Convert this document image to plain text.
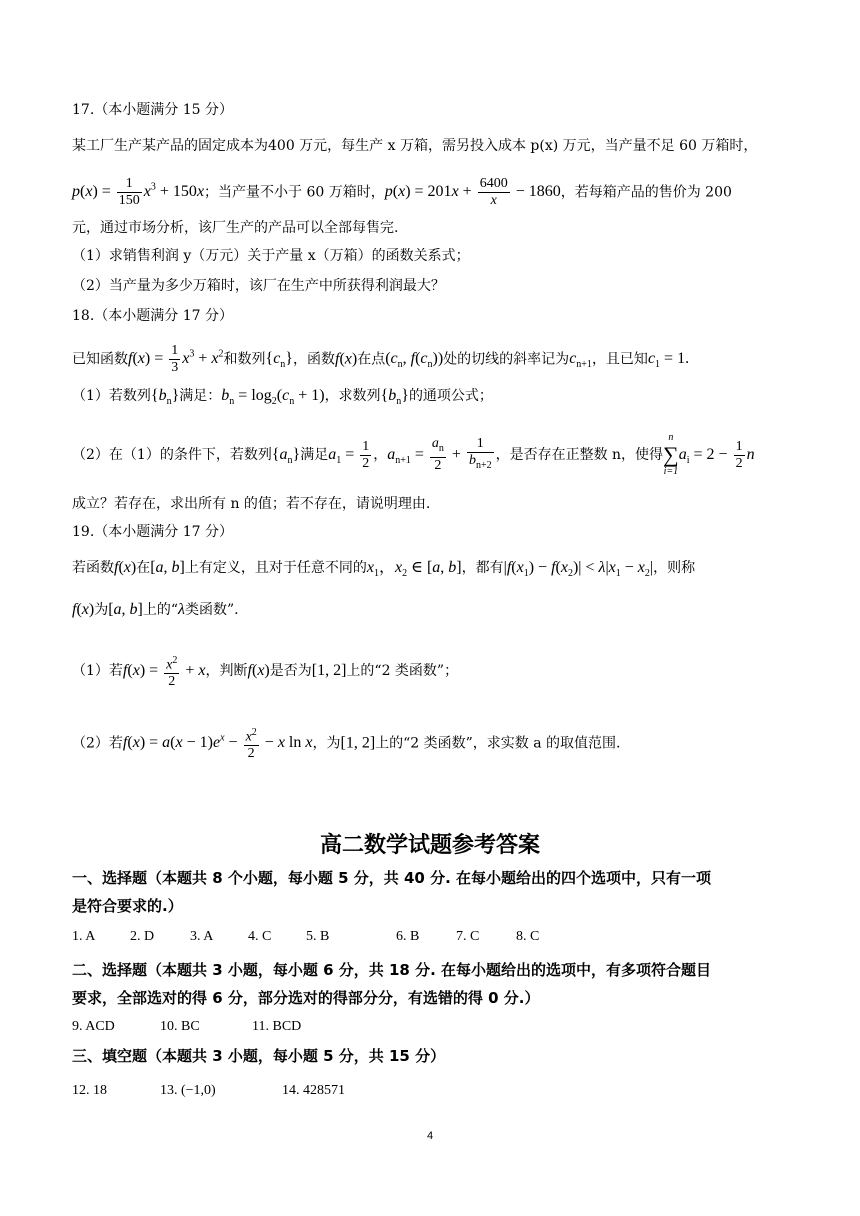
17.（本小题满分 15 分）
某工厂生产某产品的固定成本为400 万元，每生产 x 万箱，需另投入成本 p(x) 万元，当产量不足 60 万箱时，
$p(x) = \frac{1}{150} x^3 + 150x$；当产量不小于 60 万箱时，$p(x) = 201x + \frac{6400}{x} - 1860$，若每箱产品的售价为 200
元，通过市场分析，该厂生产的产品可以全部每售完.
（1）求销售利润 y（万元）关于产量 x（万箱）的函数关系式；
（2）当产量为多少万箱时，该厂在生产中所获得利润最大？
18.（本小题满分 17 分）
已知函数$f(x) = \frac{1}{3} x^3 + x^2$和数列$\{c_n\}$，函数f(x)在点($c_n$, $f(c_n)$)处的切线的斜率记为$c_{n+1}$，且已知$c_1 = 1$.
（1）若数列$\{b_n\}$满足：$b_n = \log_2(c_n + 1)$，求数列$\{b_n\}$的通项公式；
（2）在（1）的条件下，若数列$\{a_n\}$满足$a_1 = \frac{1}{2}$ ，$a_{n+1} = \frac{a_n}{2} + \frac{1}{b_{n+2}}$ ，是否存在正整数 n，使得
n
∑
i=1
$a_i = 2 - \frac{1}{2}$ n
成立？若存在，求出所有 n 的值；若不存在，请说明理由.
19.（本小题满分 17 分）
若函数f(x)在[a, b]上有定义，且对于任意不同的$x_1$，$x_2$ ∈ [a, b]，都有$|f(x_1) - f(x_2)| < \lambda|x_1 - x_2|$，则称
f(x)为[a, b]上的“λ类函数”.
（1）若$f(x) = \frac{x^2}{2} + x$，判断f(x)是否为[1, 2]上的“2 类函数”；
（2）若$f(x) = a(x - 1)e^x - \frac{x^2}{2} - x$ ln x，为[1, 2]上的“2 类函数”，求实数 a 的取值范围.
高二数学试题参考答案
一、选择题（本题共 8 个小题，每小题 5 分，共 40 分. 在每小题给出的四个选项中，只有一项
是符合要求的.）
1. A 2. D	3. A 4. C 5. B	6. B	7. C	8. C
二、选择题（本题共 3 小题，每小题 6 分，共 18 分. 在每小题给出的选项中，有多项符合题目
要求，全部选对的得 6 分，部分选对的得部分分，有选错的得 0 分.）
9. ACD	10. BC	11. BCD
三、填空题（本题共 3 小题，每小题 5 分，共 15 分）
12. 18	13. (−1,0)	14. 428571
4
